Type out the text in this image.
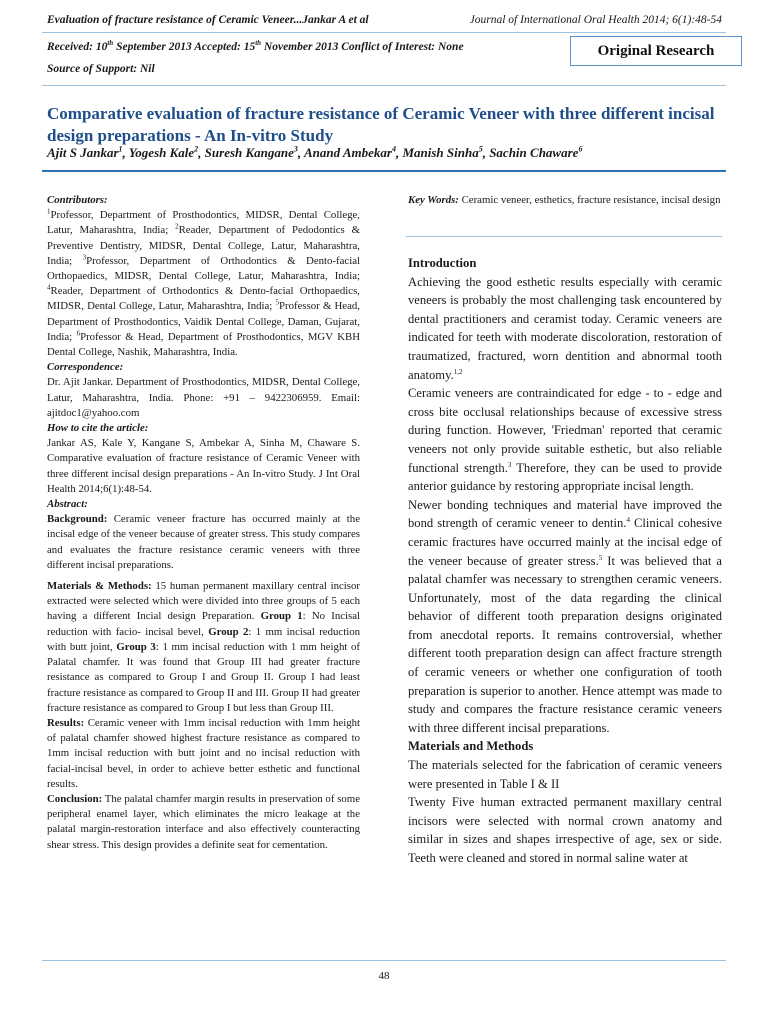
Evaluation of fracture resistance of Ceramic Veneer...Jankar A et al	Journal of International Oral Health 2014; 6(1):48-54
Received: 10th September 2013 Accepted: 15th November 2013 Conflict of Interest: None
Source of Support: Nil
Original Research
Comparative evaluation of fracture resistance of Ceramic Veneer with three different incisal design preparations - An In-vitro Study
Ajit S Jankar$^1$, Yogesh Kale$^2$, Suresh Kangane$^3$, Anand Ambekar$^4$, Manish Sinha$^5$, Sachin Chaware$^6$
Contributors:

$^1$Professor, Department of Prosthodontics, MIDSR, Dental College, Latur, Maharashtra, India; $^2$Reader, Department of Pedodontics & Preventive Dentistry, MIDSR, Dental College, Latur, Maharashtra, India; $^3$Professor, Department of Orthodontics & Dento-facial Orthopaedics, MIDSR, Dental College, Latur, Maharashtra, India; $^4$Reader, Department of Orthodontics & Dento-facial Orthopaedics, MIDSR, Dental College, Latur, Maharashtra, India; $^5$Professor & Head, Department of Prosthodontics, Vaidik Dental College, Daman, Gujarat, India; $^6$Professor & Head, Department of Prosthodontics, MGV KBH Dental College, Nashik, Maharashtra, India.

Correspondence:

Dr. Ajit Jankar. Department of Prosthodontics, MIDSR, Dental College, Latur, Maharashtra, India. Phone: +91 – 9422306959. Email: ajitdoc1@yahoo.com

How to cite the article:

Jankar AS, Kale Y, Kangane S, Ambekar A, Sinha M, Chaware S. Comparative evaluation of fracture resistance of Ceramic Veneer with three different incisal design preparations - An In-vitro Study. J Int Oral Health 2014;6(1):48-54.

Abstract:

Background: Ceramic veneer fracture has occurred mainly at the incisal edge of the veneer because of greater stress. This study compares and evaluates the fracture resistance ceramic veneers with three different incisal preparations.

Materials & Methods: 15 human permanent maxillary central incisor extracted were selected which were divided into three groups of 5 each having a different Incial design Preparation. Group 1: No Incisal reduction with facio- incisal bevel, Group 2: 1 mm incisal reduction with butt joint, Group 3: 1 mm incisal reduction with 1 mm height of Palatal chamfer. It was found that Group III had greater fracture resistance as compared to Group I and Group II. Group I had least fracture resistance as compared to Group II and III. Group II had greater fracture resistance as compared to Group I but less than Group III.

Results: Ceramic veneer with 1mm incisal reduction with 1mm height of palatal chamfer showed highest fracture resistance as compared to 1mm incisal reduction with butt joint and no incisal reduction with facial-incisal bevel, in order to achieve better esthetic and functional results.

Conclusion: The palatal chamfer margin results in preservation of some peripheral enamel layer, which eliminates the micro leakage at the palatal margin-restoration interface and also effectively counteracting shear stress. This design provides a definite seat for cementation.

Key Words: Ceramic veneer, esthetics, fracture resistance, incisal design
Introduction

Achieving the good esthetic results especially with ceramic veneers is probably the most challenging task encountered by dental practitioners and ceramist today. Ceramic veneers are indicated for teeth with moderate discoloration, restoration of traumatized, fractured, worn dentition and abnormal tooth anatomy.$^{1,2}$

Ceramic veneers are contraindicated for edge - to - edge and cross bite occlusal relationships because of excessive stress during function. However, 'Friedman' reported that ceramic veneers not only provide suitable esthetic, but also reliable functional strength.$^3$ Therefore, they can be used to provide anterior guidance by restoring appropriate incisal length.

Newer bonding techniques and material have improved the bond strength of ceramic veneer to dentin.$^4$ Clinical cohesive ceramic fractures have occurred mainly at the incisal edge of the veneer because of greater stress.$^5$ It was believed that a palatal chamfer was necessary to strengthen ceramic veneers. Unfortunately, most of the data regarding the clinical behavior of different tooth preparation designs originated from anecdotal reports. It remains controversial, whether different tooth preparation design can affect fracture strength of ceramic veneers or whether one configuration of tooth preparation is superior to another. Hence attempt was made to study and compares the fracture resistance ceramic veneers with three different incisal preparations.

Materials and Methods

The materials selected for the fabrication of ceramic veneers were presented in Table I & II

Twenty Five human extracted permanent maxillary central incisors were selected with normal crown anatomy and similar in sizes and shapes irrespective of age, sex or side. Teeth were cleaned and stored in normal saline water at

48
